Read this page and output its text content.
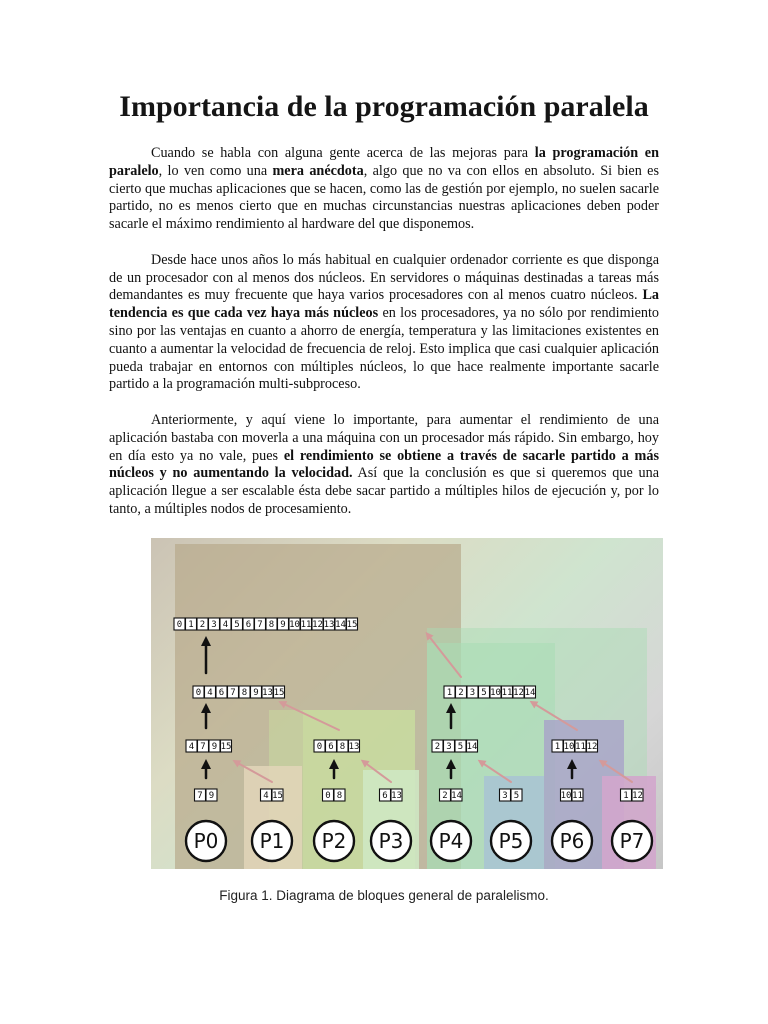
Importancia de la programación paralela

Cuando se habla con alguna gente acerca de las mejoras para la programación en paralelo, lo ven como una mera anécdota, algo que no va con ellos en absoluto. Si bien es cierto que muchas aplicaciones que se hacen, como las de gestión por ejemplo, no suelen sacarle partido, no es menos cierto que en muchas circunstancias nuestras aplicaciones deben poder sacarle el máximo rendimiento al hardware del que disponemos.

Desde hace unos años lo más habitual en cualquier ordenador corriente es que disponga de un procesador con al menos dos núcleos. En servidores o máquinas destinadas a tareas más demandantes es muy frecuente que haya varios procesadores con al menos cuatro núcleos. La tendencia es que cada vez haya más núcleos en los procesadores, ya no sólo por rendimiento sino por las ventajas en cuanto a ahorro de energía, temperatura y las limitaciones existentes en cuanto a aumentar la velocidad de frecuencia de reloj. Esto implica que casi cualquier aplicación pueda trabajar en entornos con múltiples núcleos, lo que hace realmente importante sacarle partido a la programación multi-subproceso.

Anteriormente, y aquí viene lo importante, para aumentar el rendimiento de una aplicación bastaba con moverla a una máquina con un procesador más rápido. Sin embargo, hoy en día esto ya no vale, pues el rendimiento se obtiene a través de sacarle partido a más núcleos y no aumentando la velocidad. Así que la conclusión es que si queremos que una aplicación llegue a ser escalable ésta debe sacar partido a múltiples hilos de ejecución y, por lo tanto, a múltiples nodos de procesamiento.

P0 P1 P2 P3 P4 P5 P6 P7
7 9	4 15	0 8	6 13	2 14	3 5	10 11	1 12
4 7 9 15	0 6 8 13	2 3 5 14	1 10 11 12
0 4 6 7 8 9 13 15	1 2 3 5 10 11 12 14
0 1 2 3 4 5 6 7 8 9 10 11 12 13 14 15
Figura 1. Diagrama de bloques general de paralelismo.
